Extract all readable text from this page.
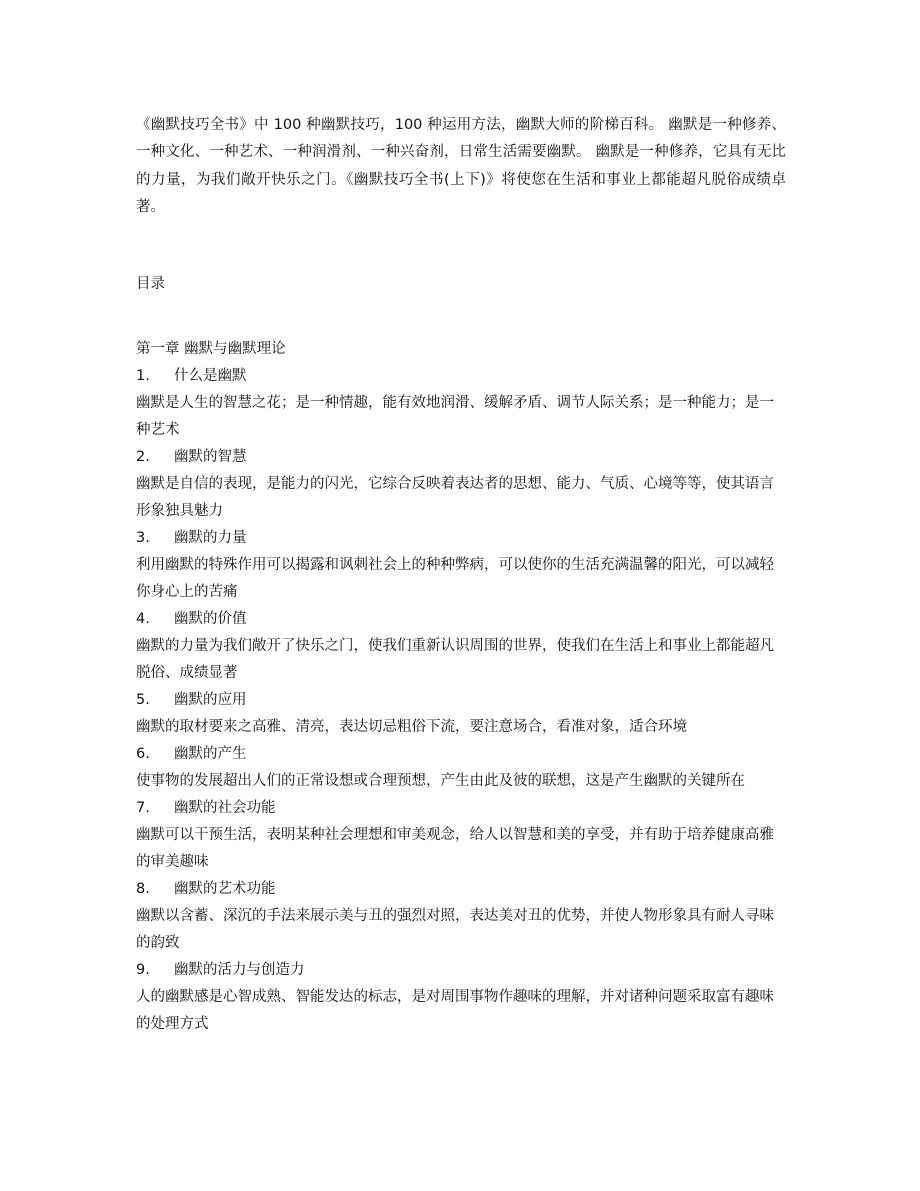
《幽默技巧全书》中 100 种幽默技巧，100 种运用方法，幽默大师的阶梯百科。 幽默是一种修养、一种文化、一种艺术、一种润滑剂、一种兴奋剂，日常生活需要幽默。 幽默是一种修养，它具有无比的力量，为我们敞开快乐之门。《幽默技巧全书(上下)》将使您在生活和事业上都能超凡脱俗成绩卓著。

目录

第一章 幽默与幽默理论

1. 什么是幽默

幽默是人生的智慧之花；是一种情趣，能有效地润滑、缓解矛盾、调节人际关系；是一种能力；是一种艺术

2. 幽默的智慧

幽默是自信的表现，是能力的闪光，它综合反映着表达者的思想、能力、气质、心境等等，使其语言形象独具魅力

3. 幽默的力量

利用幽默的特殊作用可以揭露和讽刺社会上的种种弊病，可以使你的生活充满温馨的阳光，可以减轻你身心上的苦痛

4. 幽默的价值

幽默的力量为我们敞开了快乐之门，使我们重新认识周围的世界，使我们在生活上和事业上都能超凡脱俗、成绩显著

5. 幽默的应用

幽默的取材要来之高雅、清亮，表达切忌粗俗下流，要注意场合，看准对象，适合环境

6. 幽默的产生

使事物的发展超出人们的正常设想或合理预想，产生由此及彼的联想，这是产生幽默的关键所在

7. 幽默的社会功能

幽默可以干预生活，表明某种社会理想和审美观念，给人以智慧和美的享受，并有助于培养健康高雅的审美趣味

8. 幽默的艺术功能

幽默以含蓄、深沉的手法来展示美与丑的强烈对照，表达美对丑的优势，并使人物形象具有耐人寻味的韵致

9. 幽默的活力与创造力

人的幽默感是心智成熟、智能发达的标志，是对周围事物作趣味的理解，并对诸种问题采取富有趣味的处理方式
